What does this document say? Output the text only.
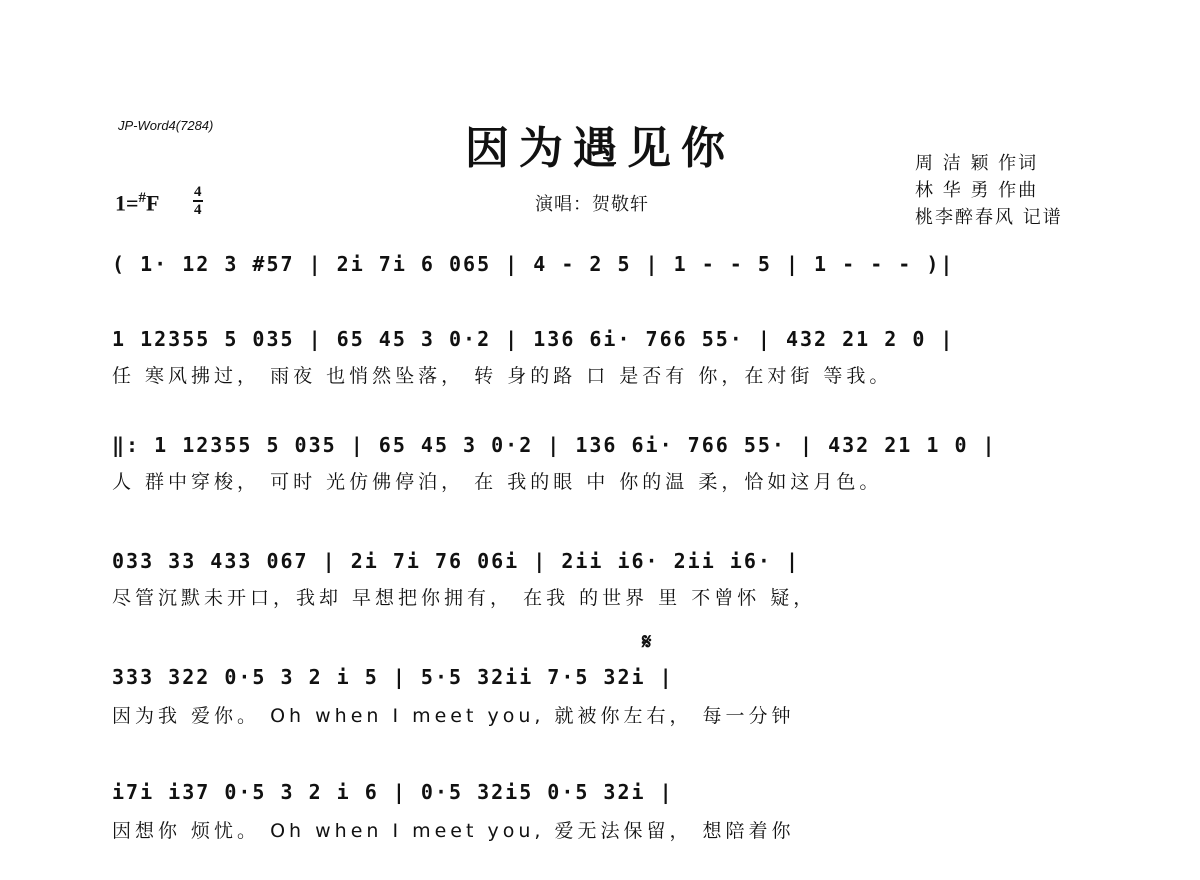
JP-Word4(7284)	因为遇见你	周 洁 颖 作词
林 华 勇 作曲
桃李醉春风 记谱
$1=^{\#}F \frac{4}{4}$	演唱：贺敬轩
𝄋
( 1· 12 3 #57 | 2i 7i 6 065 | 4 - 2 5 | 1 - - 5 | 1 - - - )|
1 12355 5 035 | 65 45 3 0·2 | 136 6i· 766 55· | 432 21 2 0 |
任 寒风拂过， 雨夜 也悄然坠落， 转 身的路 口 是否有 你，在对街 等我。
‖: 1 12355 5 035 | 65 45 3 0·2 | 136 6i· 766 55· | 432 21 1 0 |
人 群中穿梭， 可时 光仿佛停泊， 在 我的眼 中 你的温 柔，恰如这月色。
033 33 433 067 | 2i 7i 76 06i | 2ii i6· 2ii i6· |
尽管沉默未开口，我却 早想把你拥有， 在我 的世界 里 不曾怀 疑，
333 322 0·5 3 2 i 5 | 5·5 32ii 7·5 32i |
因为我 爱你。 Oh when I meet you, 就被你左右， 每一分钟
i7i i37 0·5 3 2 i 6 | 0·5 32i5 0·5 32i |
因想你 烦忧。 Oh when I meet you, 爱无法保留， 想陪着你
